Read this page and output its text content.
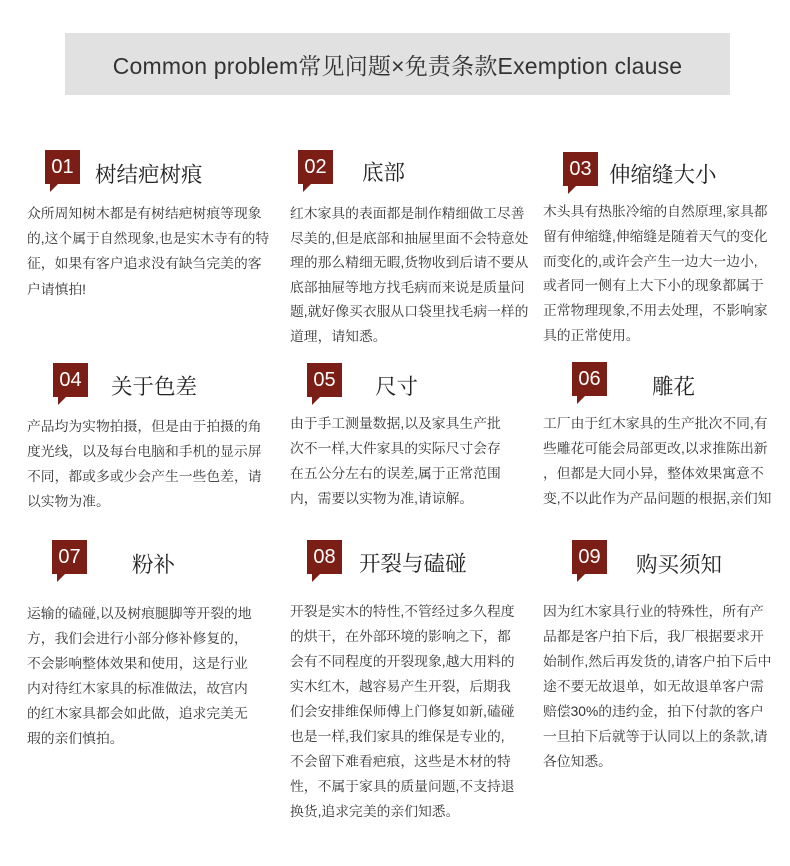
Common problem常见问题×免责条款Exemption clause
01 树结疤树痕
众所周知树木都是有树结疤树痕等现象
的,这个属于自然现象,也是实木寺有的特
征，如果有客户追求没有缺刍完美的客
户请慎拍!
02 底部
红木家具的表面都是制作精细做工尽善
尽美的,但是底部和抽屉里面不会特意处
理的那么精细无暇,货物收到后请不要从
底部抽屉等地方找毛病而来说是质量问
题,就好像买衣服从口袋里找毛病一样的
道理，请知悉。
03 伸缩缝大小
木头具有热胀冷缩的自然原理,家具都
留有伸缩缝,伸缩缝是随着天气的变化
而变化的,或许会产生一边大一边小,
或者同一侧有上大下小的现象都属于
正常物理现象,不用去处理，不影响家
具的正常使用。
04 关于色差
产品均为实物拍摄，但是由于拍摄的角
度光线，以及每台电脑和手机的显示屏
不同，都或多或少会产生一些色差，请
以实物为准。
05 尺寸
由于手工测量数据,以及家具生产批
次不一样,大件家具的实际尺寸会存
在五公分左右的误差,属于正常范围
内，需要以实物为准,请谅解。
06 雕花
工厂由于红木家具的生产批次不同,有
些雕花可能会局部更改,以求推陈出新
，但都是大同小异，整体效果寓意不
变,不以此作为产品问题的根据,亲们知
07 粉补
运输的磕碰,以及树痕腿脚等开裂的地
方，我们会进行小部分修补修复的，
不会影响整体效果和使用，这是行业
内对待红木家具的标准做法，故宫内
的红木家具都会如此做，追求完美无
瑕的亲们慎拍。
08 开裂与磕碰
开裂是实木的特性,不管经过多久程度
的烘干，在外部环境的影响之下，都
会有不同程度的开裂现象,越大用料的
实木红木，越容易产生开裂，后期我
们会安排维保师傅上门修复如新,磕碰
也是一样,我们家具的维保是专业的,
不会留下难看疤痕，这些是木材的特
性，不属于家具的质量问题,不支持退
换货,追求完美的亲们知悉。
09 购买须知
因为红木家具行业的特殊性，所有产
品都是客户拍下后，我厂根据要求开
始制作,然后再发货的,请客户拍下后中
途不要无故退单，如无故退单客户需
赔偿30%的违约金，拍下付款的客户
一旦拍下后就等于认同以上的条款,请
各位知悉。
